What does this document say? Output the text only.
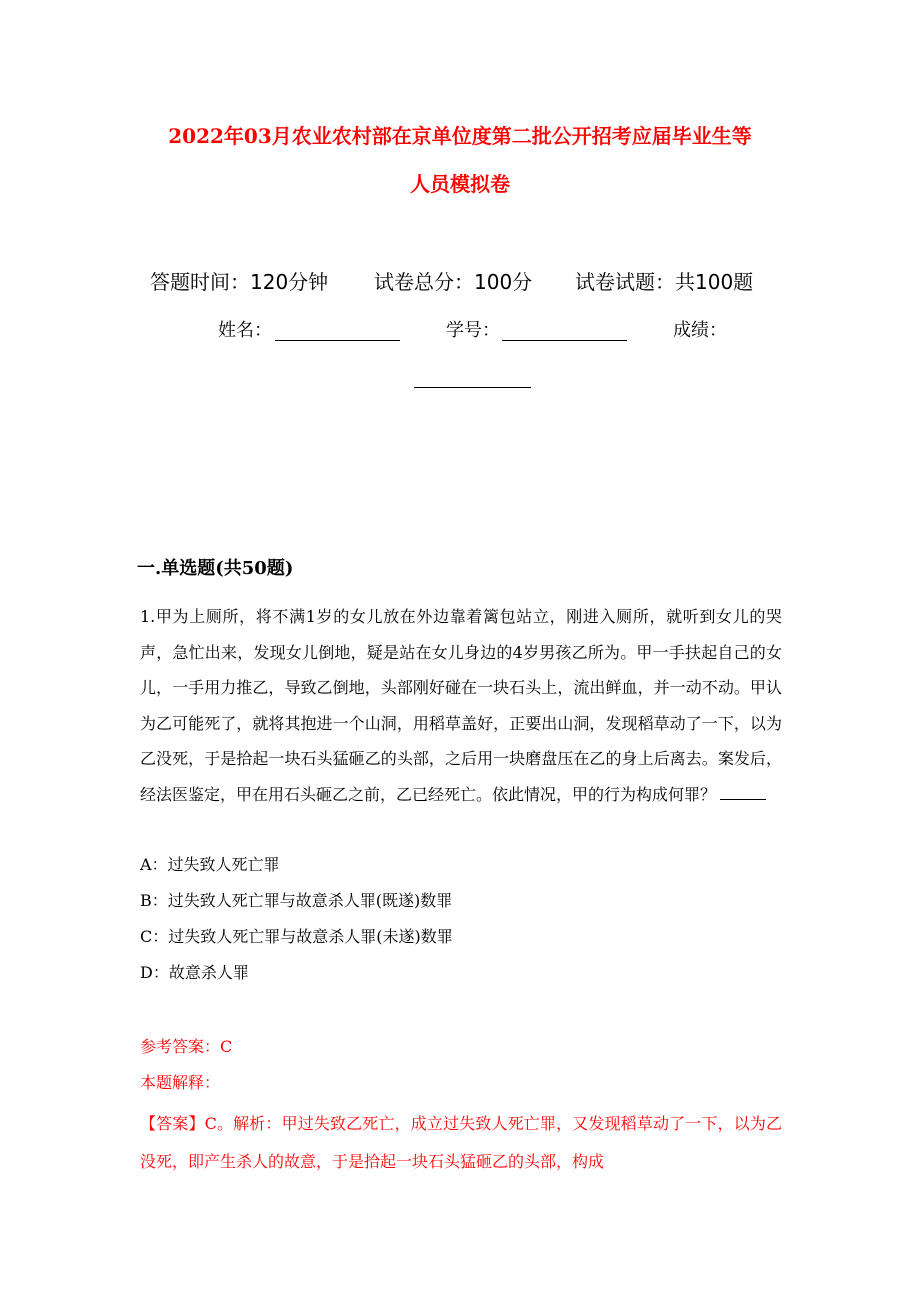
2022年03月农业农村部在京单位度第二批公开招考应届毕业生等
人员模拟卷
答题时间：120分钟 试卷总分：100分 试卷试题：共100题
姓名：	学号：	成绩：
一.单选题(共50题)
1.甲为上厕所，将不满1岁的女儿放在外边靠着篱包站立，刚进入厕所，就听到女儿的哭声，急忙出来，发现女儿倒地，疑是站在女儿身边的4岁男孩乙所为。甲一手扶起自己的女儿，一手用力推乙，导致乙倒地，头部刚好碰在一块石头上，流出鲜血，并一动不动。甲认为乙可能死了，就将其抱进一个山洞，用稻草盖好，正要出山洞，发现稻草动了一下，以为乙没死，于是拾起一块石头猛砸乙的头部，之后用一块磨盘压在乙的身上后离去。案发后，经法医鉴定，甲在用石头砸乙之前，乙已经死亡。依此情况，甲的行为构成何罪？
A：过失致人死亡罪
B：过失致人死亡罪与故意杀人罪(既遂)数罪
C：过失致人死亡罪与故意杀人罪(未遂)数罪
D：故意杀人罪
参考答案：C
本题解释：
【答案】C。解析：甲过失致乙死亡，成立过失致人死亡罪，又发现稻草动了一下，以为乙没死，即产生杀人的故意，于是拾起一块石头猛砸乙的头部，构成
